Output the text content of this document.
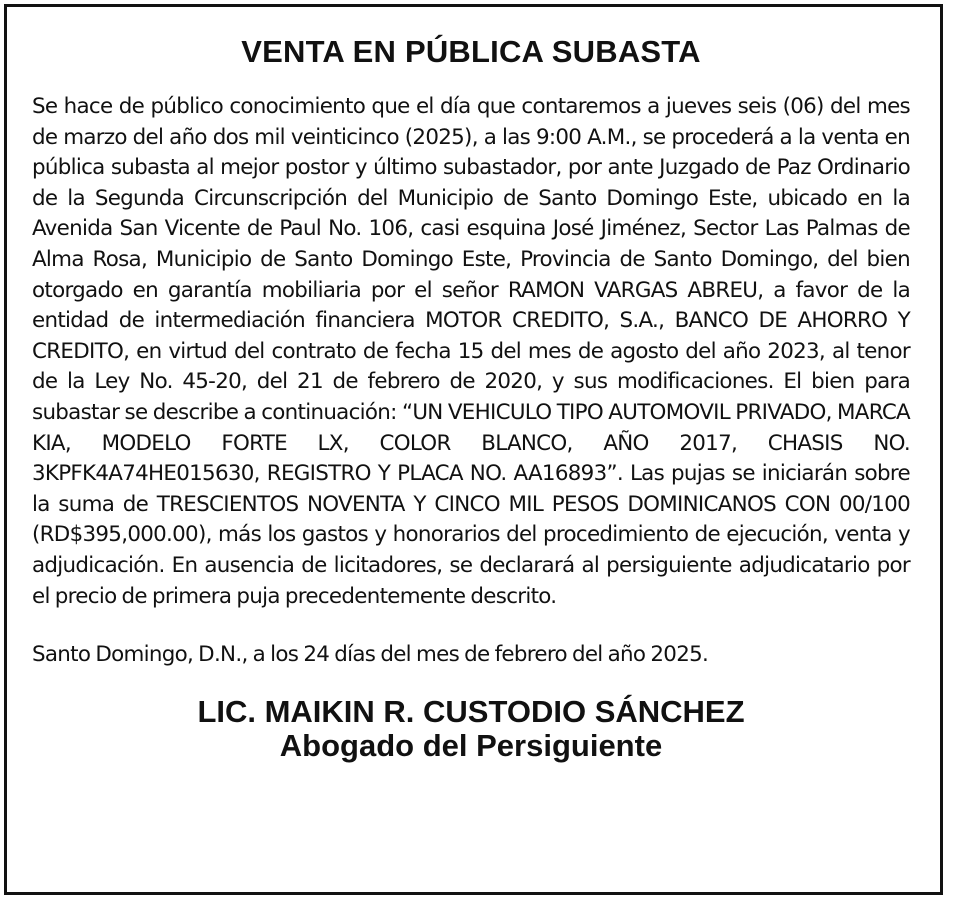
VENTA EN PÚBLICA SUBASTA

Se hace de público conocimiento que el día que contaremos a jueves seis (06) del mes de marzo del año dos mil veinticinco (2025), a las 9:00 A.M., se procederá a la venta en pública subasta al mejor postor y último subastador, por ante Juzgado de Paz Ordinario de la Segunda Circunscripción del Municipio de Santo Domingo Este, ubicado en la Avenida San Vicente de Paul No. 106, casi esquina José Jiménez, Sector Las Palmas de Alma Rosa, Municipio de Santo Domingo Este, Provincia de Santo Domingo, del bien otorgado en garantía mobiliaria por el señor RAMON VARGAS ABREU, a favor de la entidad de intermediación financiera MOTOR CREDITO, S.A., BANCO DE AHORRO Y CREDITO, en virtud del contrato de fecha 15 del mes de agosto del año 2023, al tenor de la Ley No. 45-20, del 21 de febrero de 2020, y sus modificaciones. El bien para subastar se describe a continuación: “UN VEHICULO TIPO AUTOMOVIL PRIVADO, MARCA KIA, MODELO FORTE LX, COLOR BLANCO, AÑO 2017, CHASIS NO. 3KPFK4A74HE015630, REGISTRO Y PLACA NO. AA16893”. Las pujas se iniciarán sobre la suma de TRESCIENTOS NOVENTA Y CINCO MIL PESOS DOMINICANOS CON 00/100 (RD$395,000.00), más los gastos y honorarios del procedimiento de ejecución, venta y adjudicación. En ausencia de licitadores, se declarará al persiguiente adjudicatario por el precio de primera puja precedentemente descrito.

Santo Domingo, D.N., a los 24 días del mes de febrero del año 2025.

LIC. MAIKIN R. CUSTODIO SÁNCHEZ

Abogado del Persiguiente
